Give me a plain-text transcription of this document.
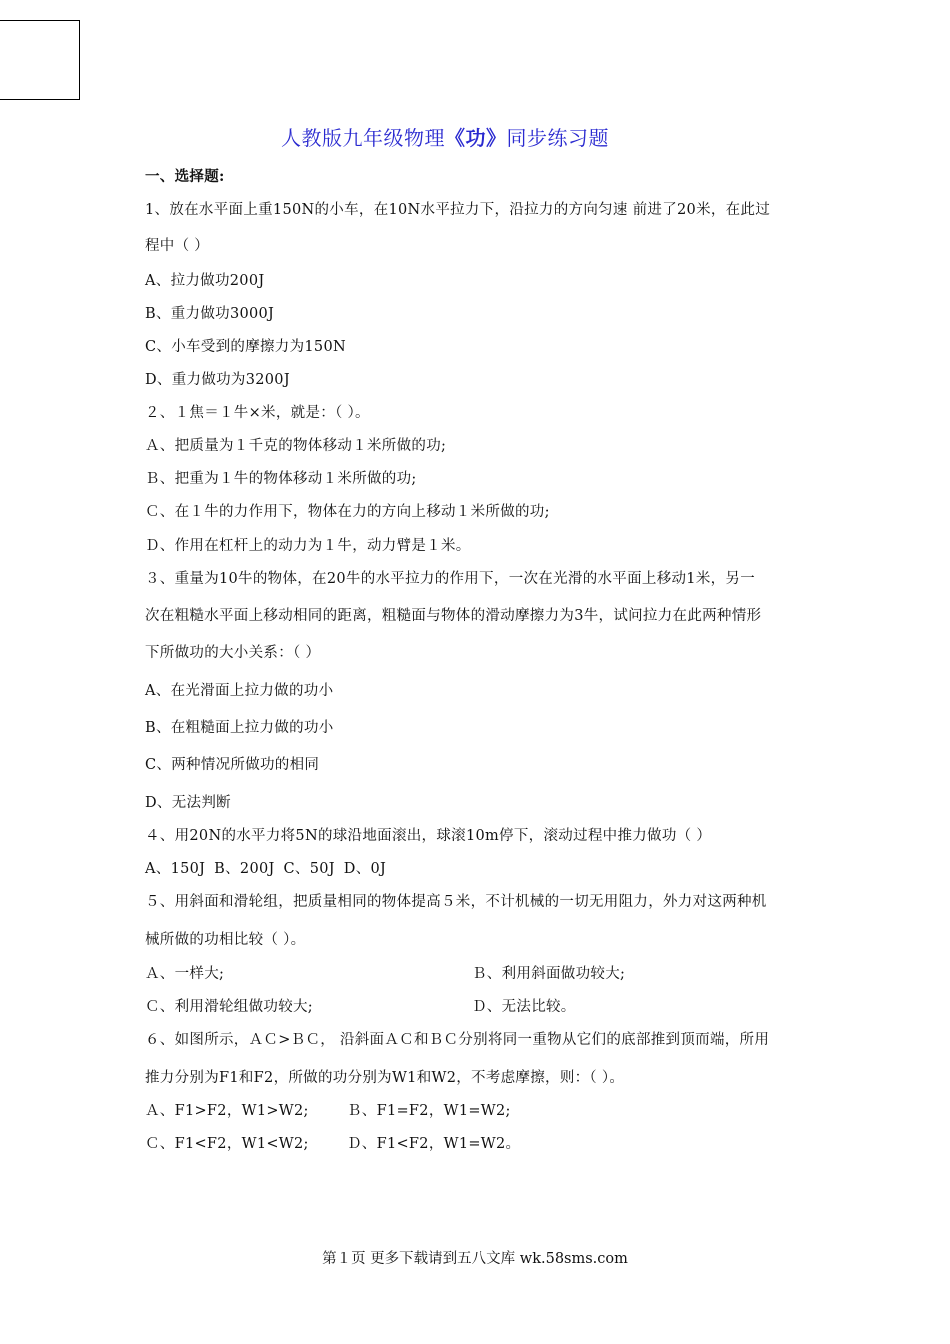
人教版九年级物理《功》同步练习题
一、选择题:
1、放在水平面上重150N的小车，在10N水平拉力下，沿拉力的方向匀速 前进了20米，在此过
程中（ ）
A、拉力做功200J
B、重力做功3000J
C、小车受到的摩擦力为150N
D、重力做功为3200J
２、１焦＝１牛×米，就是：（ ）。
Ａ、把质量为１千克的物体移动１米所做的功;
Ｂ、把重为１牛的物体移动１米所做的功;
Ｃ、在１牛的力作用下，物体在力的方向上移动１米所做的功;
Ｄ、作用在杠杆上的动力为１牛，动力臂是１米。
３、重量为10牛的物体，在20牛的水平拉力的作用下，一次在光滑的水平面上移动1米，另一
次在粗糙水平面上移动相同的距离，粗糙面与物体的滑动摩擦力为3牛，试问拉力在此两种情形
下所做功的大小关系：（ ）
A、在光滑面上拉力做的功小
B、在粗糙面上拉力做的功小
C、两种情况所做功的相同
D、无法判断
４、用20N的水平力将5N的球沿地面滚出，球滚10m停下，滚动过程中推力做功（ ）
A、150J B、200J C、50J D、0J
５、用斜面和滑轮组，把质量相同的物体提高５米，不计机械的一切无用阻力，外力对这两种机
械所做的功相比较（ ）。
Ａ、一样大;	Ｂ、利用斜面做功较大;
Ｃ、利用滑轮组做功较大;	Ｄ、无法比较。
６、如图所示，ＡＣ>ＢＣ， 沿斜面ＡＣ和ＢＣ分别将同一重物从它们的底部推到顶而端，所用
推力分别为F1和F2，所做的功分别为W1和W2，不考虑摩擦，则：（ ）。
Ａ、F1>F2，W1>W2;	Ｂ、F1=F2，W1=W2;
Ｃ、F1<F2，W1<W2;	Ｄ、F1<F2，W1=W2。
第１页 更多下载请到五八文库 wk.58sms.com
